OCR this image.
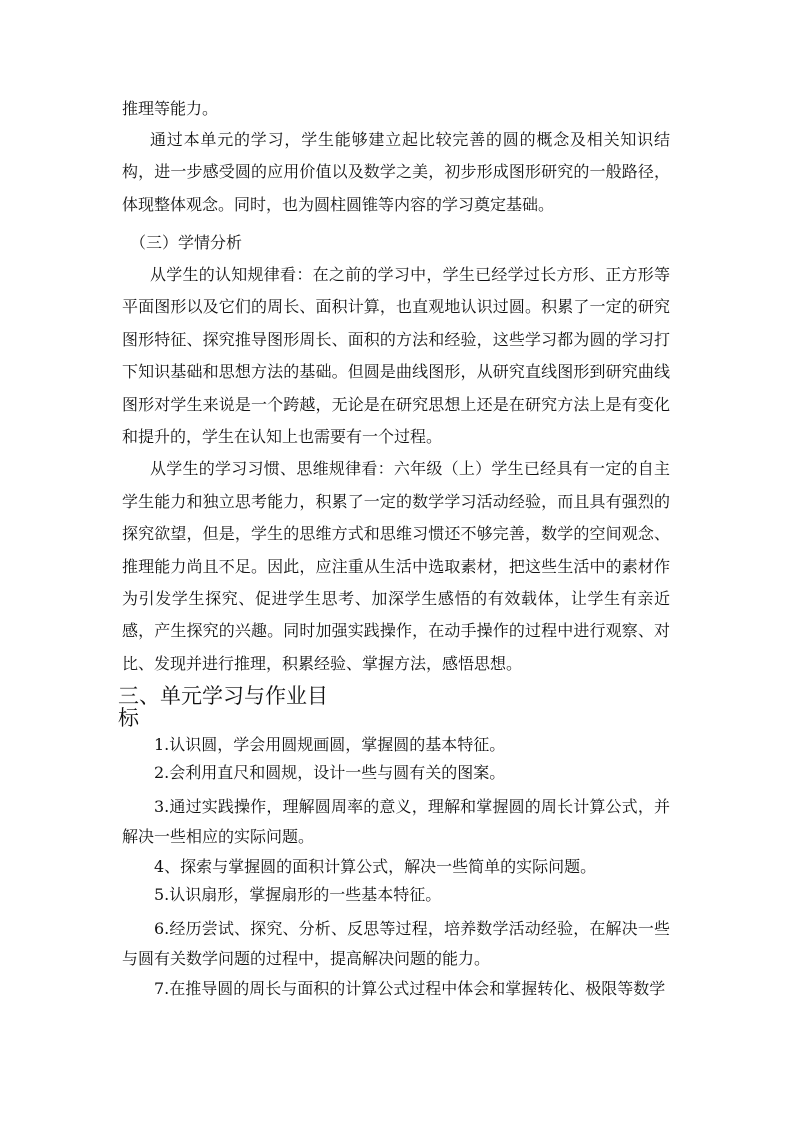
推理等能力。

通过本单元的学习，学生能够建立起比较完善的圆的概念及相关知识结构，进一步感受圆的应用价值以及数学之美，初步形成图形研究的一般路径，体现整体观念。同时，也为圆柱圆锥等内容的学习奠定基础。

（三）学情分析

从学生的认知规律看：在之前的学习中，学生已经学过长方形、正方形等平面图形以及它们的周长、面积计算，也直观地认识过圆。积累了一定的研究图形特征、探究推导图形周长、面积的方法和经验，这些学习都为圆的学习打下知识基础和思想方法的基础。但圆是曲线图形，从研究直线图形到研究曲线图形对学生来说是一个跨越，无论是在研究思想上还是在研究方法上是有变化和提升的，学生在认知上也需要有一个过程。

从学生的学习习惯、思维规律看：六年级（上）学生已经具有一定的自主学生能力和独立思考能力，积累了一定的数学学习活动经验，而且具有强烈的探究欲望，但是，学生的思维方式和思维习惯还不够完善，数学的空间观念、推理能力尚且不足。因此，应注重从生活中选取素材，把这些生活中的素材作为引发学生探究、促进学生思考、加深学生感悟的有效载体，让学生有亲近感，产生探究的兴趣。同时加强实践操作，在动手操作的过程中进行观察、对比、发现并进行推理，积累经验、掌握方法，感悟思想。

三、单元学习与作业目标

1.认识圆，学会用圆规画圆，掌握圆的基本特征。

2.会利用直尺和圆规，设计一些与圆有关的图案。

3.通过实践操作，理解圆周率的意义，理解和掌握圆的周长计算公式，并解决一些相应的实际问题。

4、探索与掌握圆的面积计算公式，解决一些简单的实际问题。

5.认识扇形，掌握扇形的一些基本特征。

6.经历尝试、探究、分析、反思等过程，培养数学活动经验，在解决一些与圆有关数学问题的过程中，提高解决问题的能力。

7.在推导圆的周长与面积的计算公式过程中体会和掌握转化、极限等数学
